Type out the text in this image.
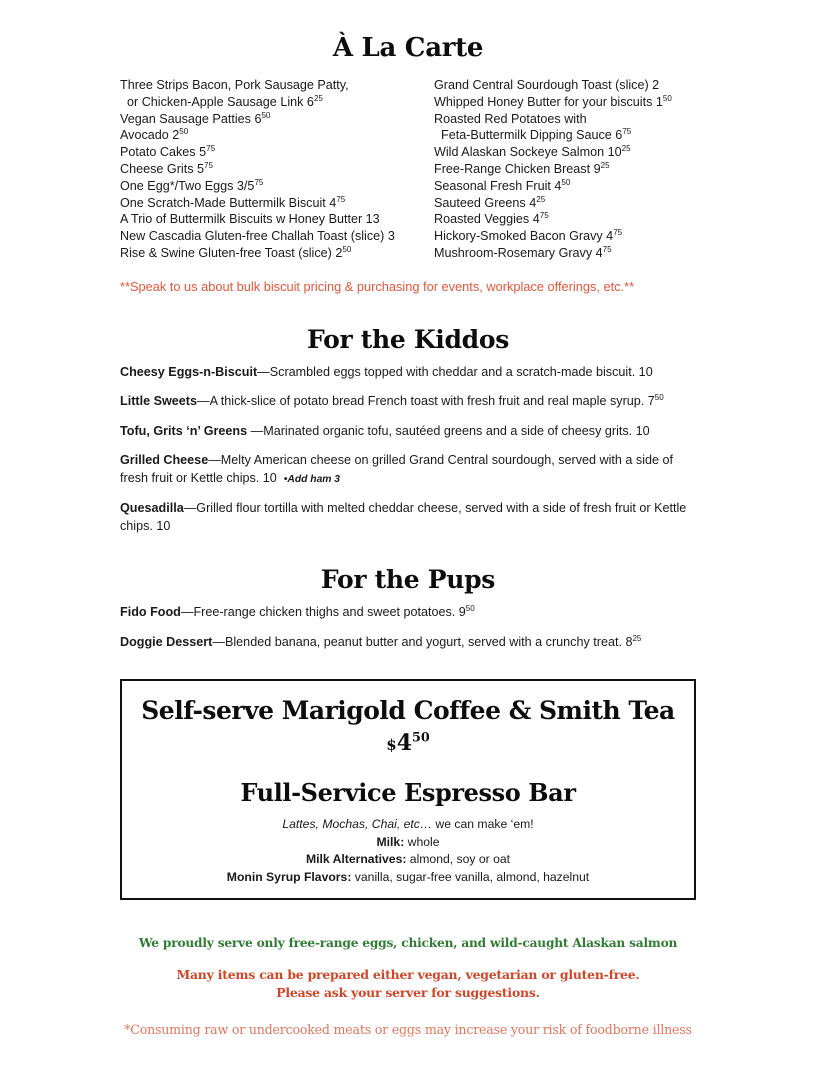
À La Carte
Three Strips Bacon, Pork Sausage Patty,
or Chicken-Apple Sausage Link $6^{25}$
Vegan Sausage Patties $6^{50}$
Avocado $2^{50}$
Potato Cakes $5^{75}$
Cheese Grits $5^{75}$
One Egg*/Two Eggs $3/5^{75}$
One Scratch-Made Buttermilk Biscuit $4^{75}$
A Trio of Buttermilk Biscuits w Honey Butter 13
New Cascadia Gluten-free Challah Toast (slice) 3
Rise & Swine Gluten-free Toast (slice) $2^{50}$
Grand Central Sourdough Toast (slice) 2
Whipped Honey Butter for your biscuits $1^{50}$
Roasted Red Potatoes with
Feta-Buttermilk Dipping Sauce $6^{75}$
Wild Alaskan Sockeye Salmon $10^{25}$
Free-Range Chicken Breast $9^{25}$
Seasonal Fresh Fruit $4^{50}$
Sauteed Greens $4^{25}$
Roasted Veggies $4^{75}$
Hickory-Smoked Bacon Gravy $4^{75}$
Mushroom-Rosemary Gravy $4^{75}$

**Speak to us about bulk biscuit pricing & purchasing for events, workplace offerings, etc.**

For the Kiddos
Cheesy Eggs-n-Biscuit—Scrambled eggs topped with cheddar and a scratch-made biscuit. 10
Little Sweets—A thick-slice of potato bread French toast with fresh fruit and real maple syrup. $7^{50}$
Tofu, Grits ‘n’ Greens —Marinated organic tofu, sautéed greens and a side of cheesy grits. 10
Grilled Cheese—Melty American cheese on grilled Grand Central sourdough, served with a side of fresh fruit or Kettle chips. 10 •Add ham 3
Quesadilla—Grilled flour tortilla with melted cheddar cheese, served with a side of fresh fruit or Kettle chips. 10
For the Pups
Fido Food—Free-range chicken thighs and sweet potatoes. $9^{50}$
Doggie Dessert—Blended banana, peanut butter and yogurt, served with a crunchy treat. $8^{25}$
Self-serve Marigold Coffee & Smith Tea
$\$4^{50}$
Full-Service Espresso Bar
Lattes, Mochas, Chai, etc… we can make ‘em!
Milk: whole
Milk Alternatives: almond, soy or oat
Monin Syrup Flavors: vanilla, sugar-free vanilla, almond, hazelnut
We proudly serve only free-range eggs, chicken, and wild-caught Alaskan salmon
Many items can be prepared either vegan, vegetarian or gluten-free.
Please ask your server for suggestions.
*Consuming raw or undercooked meats or eggs may increase your risk of foodborne illness
